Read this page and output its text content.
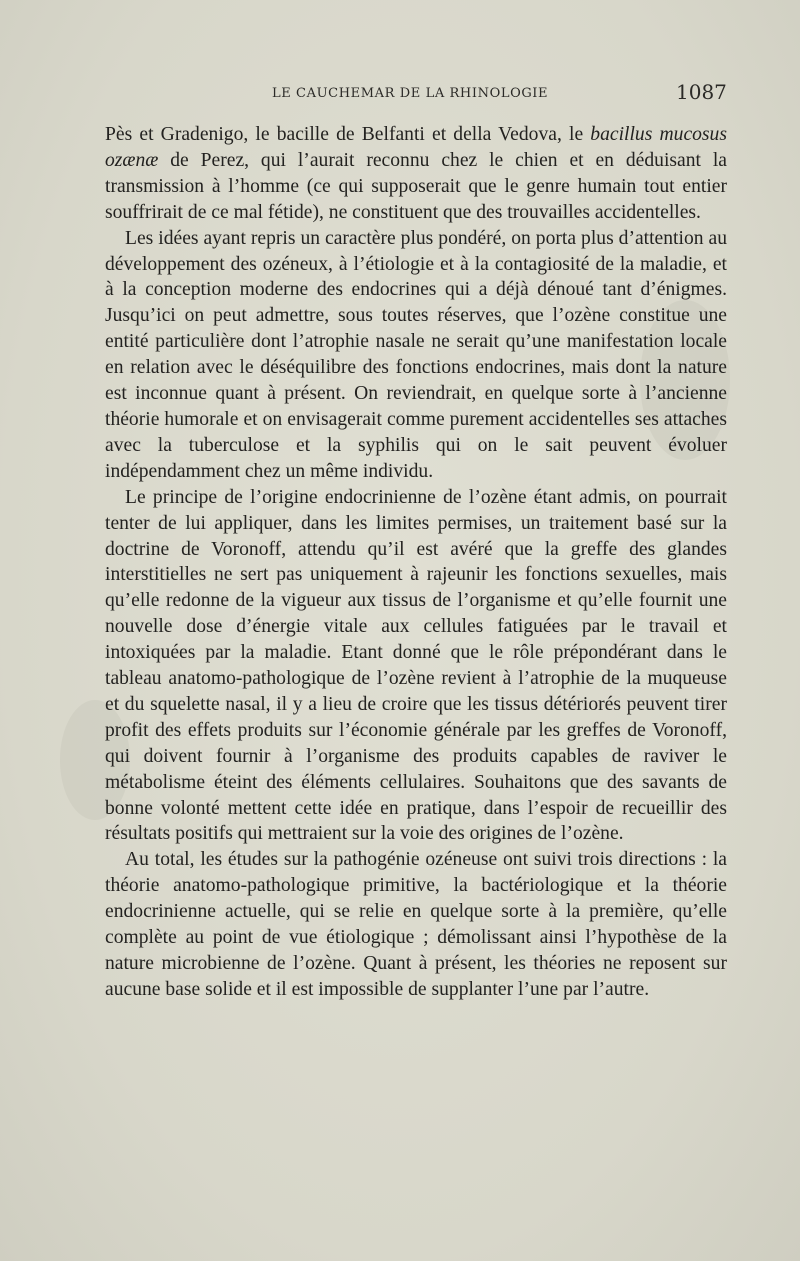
LE CAUCHEMAR DE LA RHINOLOGIE	1087

Pès et Gradenigo, le bacille de Belfanti et della Vedova, le bacillus mucosus ozænæ de Perez, qui l’aurait reconnu chez le chien et en déduisant la transmission à l’homme (ce qui supposerait que le genre humain tout entier souffrirait de ce mal fétide), ne constituent que des trouvailles accidentelles.

Les idées ayant repris un caractère plus pondéré, on porta plus d’attention au développement des ozéneux, à l’étiologie et à la contagiosité de la maladie, et à la conception moderne des endocrines qui a déjà dénoué tant d’énigmes. Jusqu’ici on peut admettre, sous toutes réserves, que l’ozène constitue une entité particulière dont l’atrophie nasale ne serait qu’une manifestation locale en relation avec le déséquilibre des fonctions endocrines, mais dont la nature est inconnue quant à présent. On reviendrait, en quelque sorte à l’ancienne théorie humorale et on envisagerait comme purement accidentelles ses attaches avec la tuberculose et la syphilis qui on le sait peuvent évoluer indépendamment chez un même individu.

Le principe de l’origine endocrinienne de l’ozène étant admis, on pourrait tenter de lui appliquer, dans les limites permises, un traitement basé sur la doctrine de Voronoff, attendu qu’il est avéré que la greffe des glandes interstitielles ne sert pas uniquement à rajeunir les fonctions sexuelles, mais qu’elle redonne de la vigueur aux tissus de l’organisme et qu’elle fournit une nouvelle dose d’énergie vitale aux cellules fatiguées par le travail et intoxiquées par la maladie. Etant donné que le rôle prépondérant dans le tableau anatomo-pathologique de l’ozène revient à l’atrophie de la muqueuse et du squelette nasal, il y a lieu de croire que les tissus détériorés peuvent tirer profit des effets produits sur l’économie générale par les greffes de Voronoff, qui doivent fournir à l’organisme des produits capables de raviver le métabolisme éteint des éléments cellulaires. Souhaitons que des savants de bonne volonté mettent cette idée en pratique, dans l’espoir de recueillir des résultats positifs qui mettraient sur la voie des origines de l’ozène.

Au total, les études sur la pathogénie ozéneuse ont suivi trois directions : la théorie anatomo-pathologique primitive, la bactériologique et la théorie endocrinienne actuelle, qui se relie en quelque sorte à la première, qu’elle complète au point de vue étiologique ; démolissant ainsi l’hypothèse de la nature microbienne de l’ozène. Quant à présent, les théories ne reposent sur aucune base solide et il est impossible de supplanter l’une par l’autre.
